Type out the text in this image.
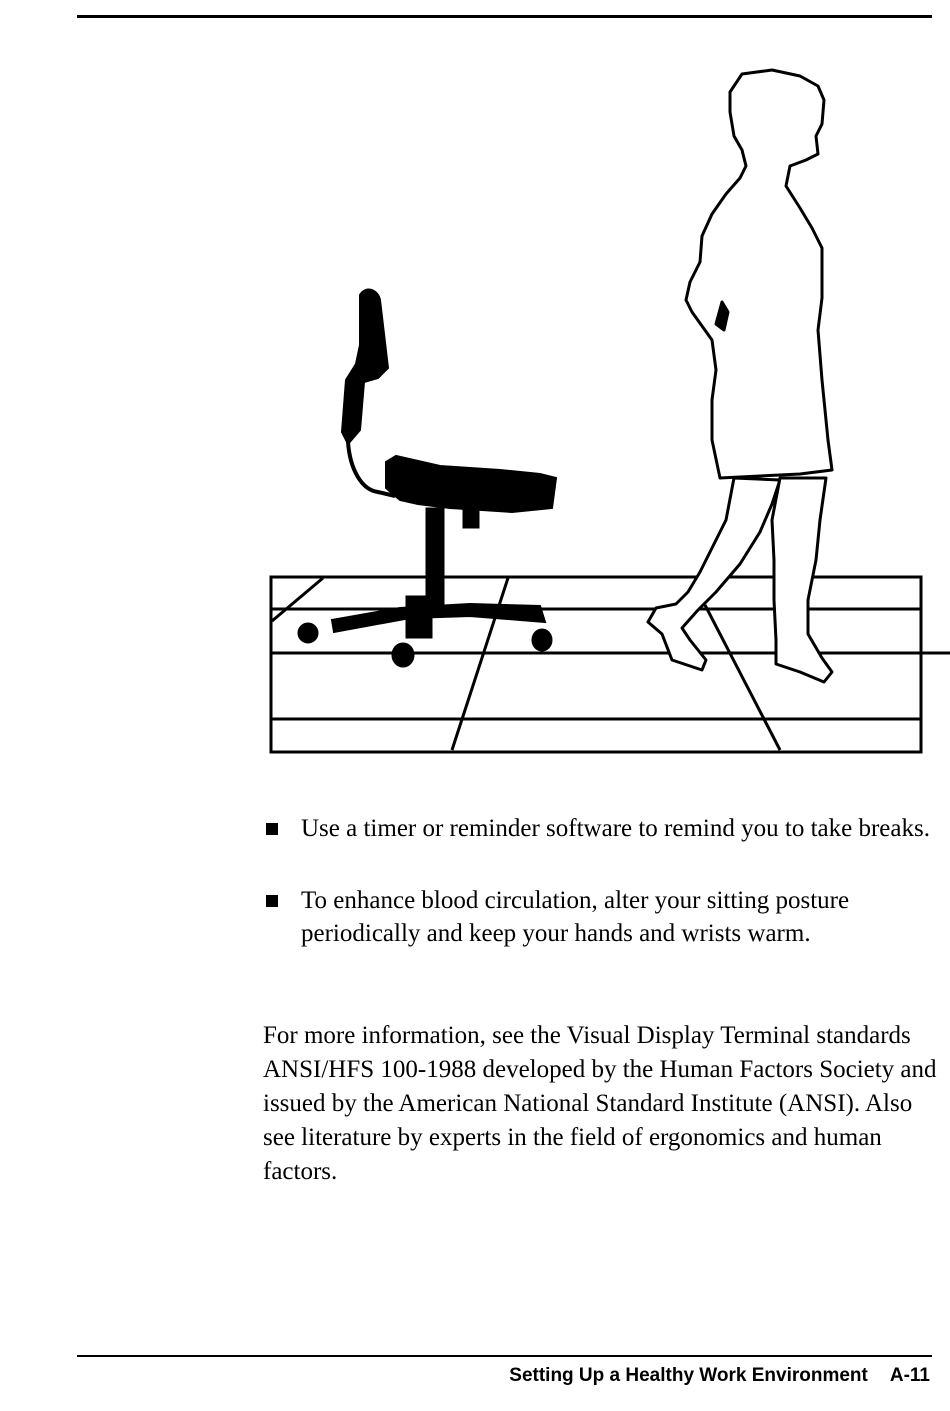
Use a timer or reminder software to remind you to take breaks.
To enhance blood circulation, alter your sitting posture periodically and keep your hands and wrists warm.

For more information, see the Visual Display Terminal standards ANSI/HFS 100-1988 developed by the Human Factors Society and issued by the American National Standard Institute (ANSI). Also see literature by experts in the field of ergonomics and human factors.

Setting Up a Healthy Work Environment A-11
